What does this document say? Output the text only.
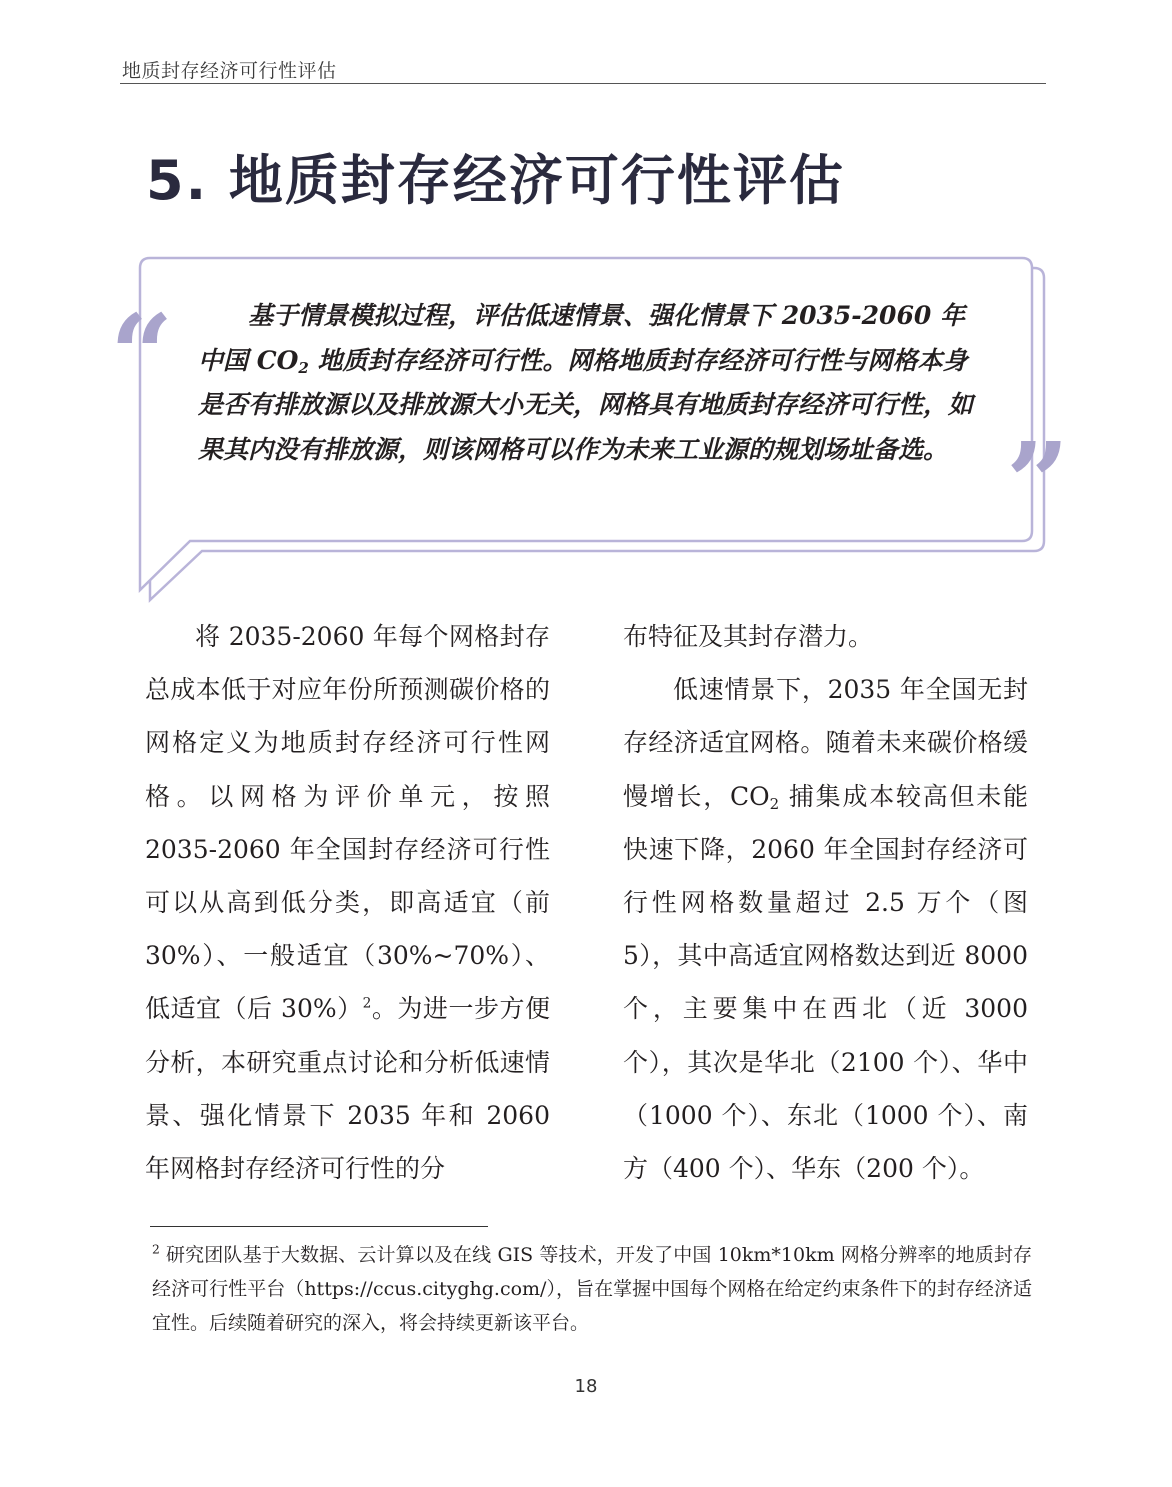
地质封存经济可行性评估
5. 地质封存经济可行性评估
“
”

基于情景模拟过程，评估低速情景、强化情景下 2035-2060 年中国 $CO_2$ 地质封存经济可行性。网格地质封存经济可行性与网格本身是否有排放源以及排放源大小无关，网格具有地质封存经济可行性，如果其内没有排放源，则该网格可以作为未来工业源的规划场址备选。

将 2035-2060 年每个网格封存总成本低于对应年份所预测碳价格的网格定义为地质封存经济可行性网格。以网格为评价单元，按照 2035-2060 年全国封存经济可行性可以从高到低分类，即高适宜（前 30%）、一般适宜（30%~70%）、低适宜（后 30%）$^2$。为进一步方便分析，本研究重点讨论和分析低速情景、强化情景下 2035 年和 2060 年网格封存经济可行性的分

布特征及其封存潜力。

低速情景下，2035 年全国无封存经济适宜网格。随着未来碳价格缓慢增长，$CO_2$ 捕集成本较高但未能快速下降，2060 年全国封存经济可行性网格数量超过 2.5 万个（图 5），其中高适宜网格数达到近 8000 个，主要集中在西北（近 3000 个），其次是华北（2100 个）、华中（1000 个）、东北（1000 个）、南方（400 个）、华东（200 个）。

$^2$ 研究团队基于大数据、云计算以及在线 GIS 等技术，开发了中国 10km*10km 网格分辨率的地质封存经济可行性平台（https://ccus.cityghg.com/），旨在掌握中国每个网格在给定约束条件下的封存经济适宜性。后续随着研究的深入，将会持续更新该平台。
18
